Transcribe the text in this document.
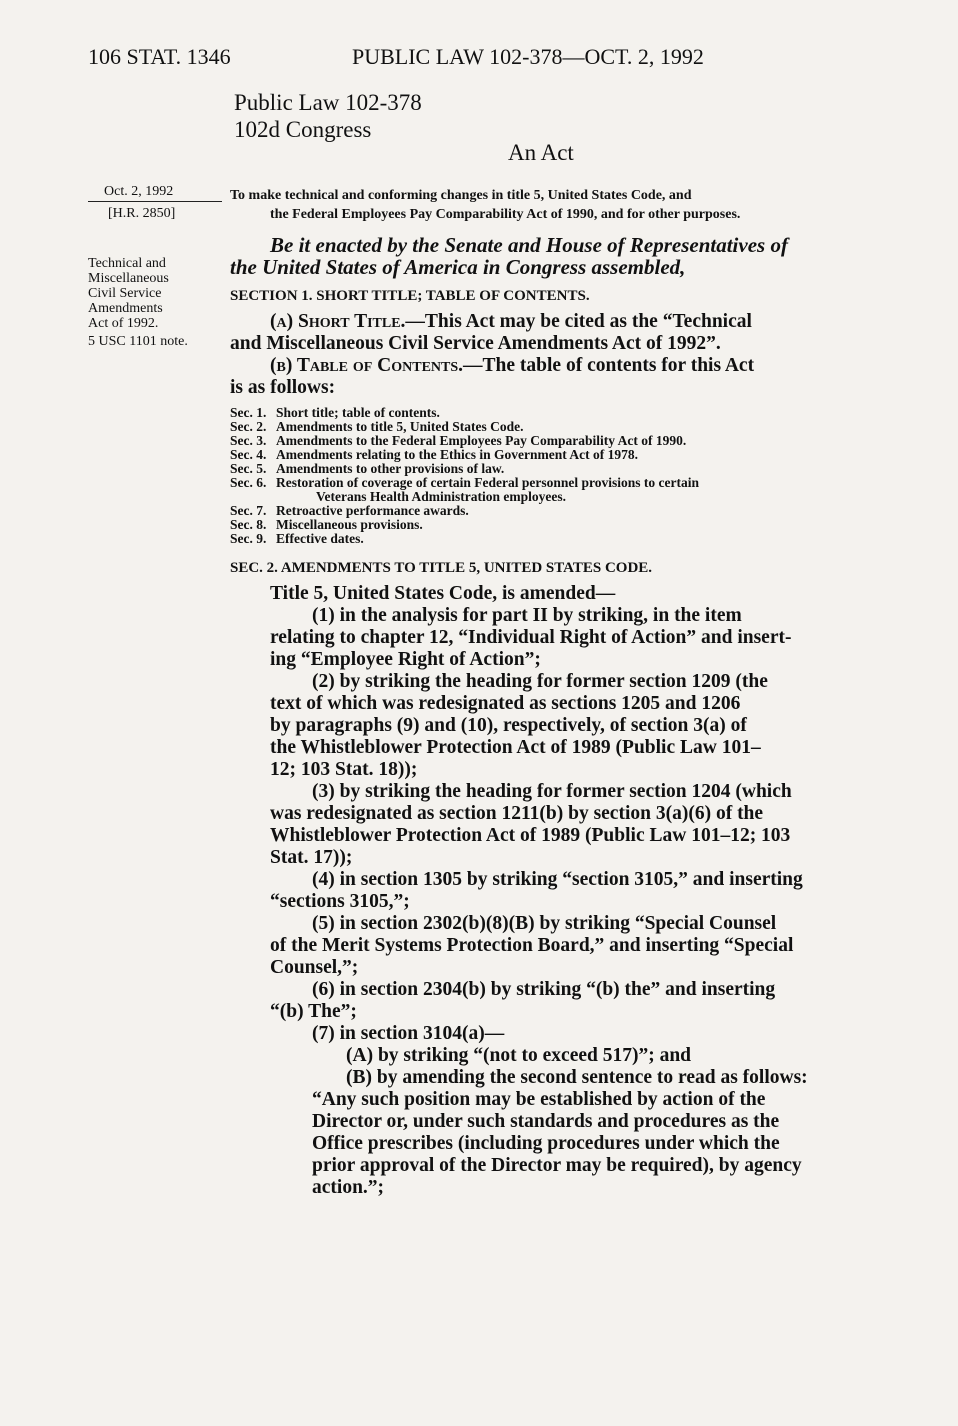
106 STAT. 1346	PUBLIC LAW 102-378—OCT. 2, 1992
Public Law 102-378
102d Congress
An Act
Oct. 2, 1992
[H.R. 2850]
Technical and
Miscellaneous
Civil Service
Amendments
Act of 1992.
5 USC 1101 note.
To make technical and conforming changes in title 5, United States Code, and
the Federal Employees Pay Comparability Act of 1990, and for other purposes.
Be it enacted by the Senate and House of Representatives of
the United States of America in Congress assembled,
SECTION 1. SHORT TITLE; TABLE OF CONTENTS.
(a) Short Title.—This Act may be cited as the “Technical
and Miscellaneous Civil Service Amendments Act of 1992”.
(b) Table of Contents.—The table of contents for this Act
is as follows:
Sec. 1. Short title; table of contents.
Sec. 2. Amendments to title 5, United States Code.
Sec. 3. Amendments to the Federal Employees Pay Comparability Act of 1990.
Sec. 4. Amendments relating to the Ethics in Government Act of 1978.
Sec. 5. Amendments to other provisions of law.
Sec. 6. Restoration of coverage of certain Federal personnel provisions to certain
Veterans Health Administration employees.
Sec. 7. Retroactive performance awards.
Sec. 8. Miscellaneous provisions.
Sec. 9. Effective dates.
SEC. 2. AMENDMENTS TO TITLE 5, UNITED STATES CODE.
Title 5, United States Code, is amended—
(1) in the analysis for part II by striking, in the item
relating to chapter 12, “Individual Right of Action” and insert-
ing “Employee Right of Action”;
(2) by striking the heading for former section 1209 (the
text of which was redesignated as sections 1205 and 1206
by paragraphs (9) and (10), respectively, of section 3(a) of
the Whistleblower Protection Act of 1989 (Public Law 101–
12; 103 Stat. 18));
(3) by striking the heading for former section 1204 (which
was redesignated as section 1211(b) by section 3(a)(6) of the
Whistleblower Protection Act of 1989 (Public Law 101–12; 103
Stat. 17));
(4) in section 1305 by striking “section 3105,” and inserting
“sections 3105,”;
(5) in section 2302(b)(8)(B) by striking “Special Counsel
of the Merit Systems Protection Board,” and inserting “Special
Counsel,”;
(6) in section 2304(b) by striking “(b) the” and inserting
“(b) The”;
(7) in section 3104(a)—
(A) by striking “(not to exceed 517)”; and
(B) by amending the second sentence to read as follows:
“Any such position may be established by action of the
Director or, under such standards and procedures as the
Office prescribes (including procedures under which the
prior approval of the Director may be required), by agency
action.”;
